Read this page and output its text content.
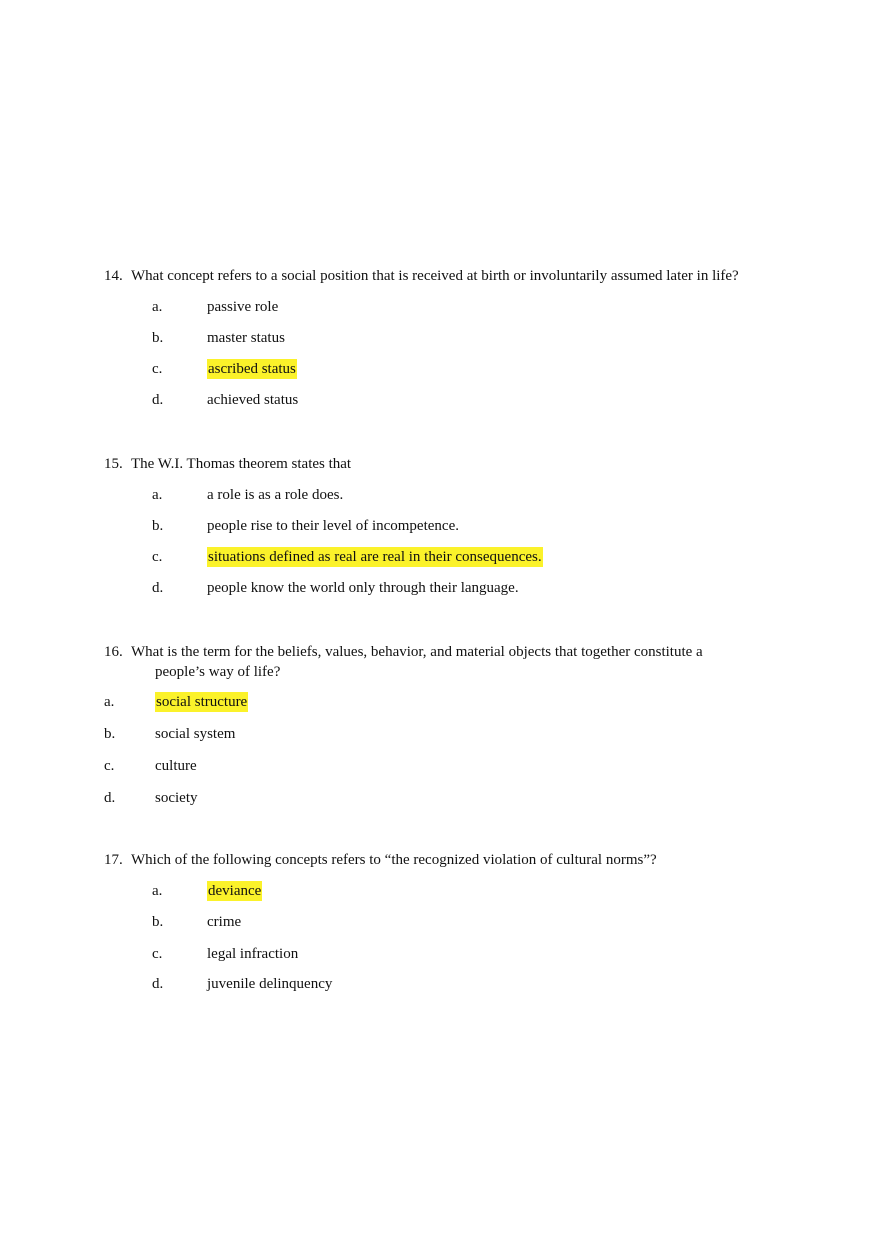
14. What concept refers to a social position that is received at birth or involuntarily assumed later in life?

a.	passive role
b.	master status
c.	ascribed status
d.	achieved status

15. The W.I. Thomas theorem states that

a.	a role is as a role does.
b.	people rise to their level of incompetence.
c.	situations defined as real are real in their consequences.
d.	people know the world only through their language.

16. What is the term for the beliefs, values, behavior, and material objects that together constitute a

people’s way of life?
a.	social structure
b.	social system
c.	culture
d.	society

17. Which of the following concepts refers to “the recognized violation of cultural norms”?

a.	deviance
b.	crime
c.	legal infraction
d.	juvenile delinquency
